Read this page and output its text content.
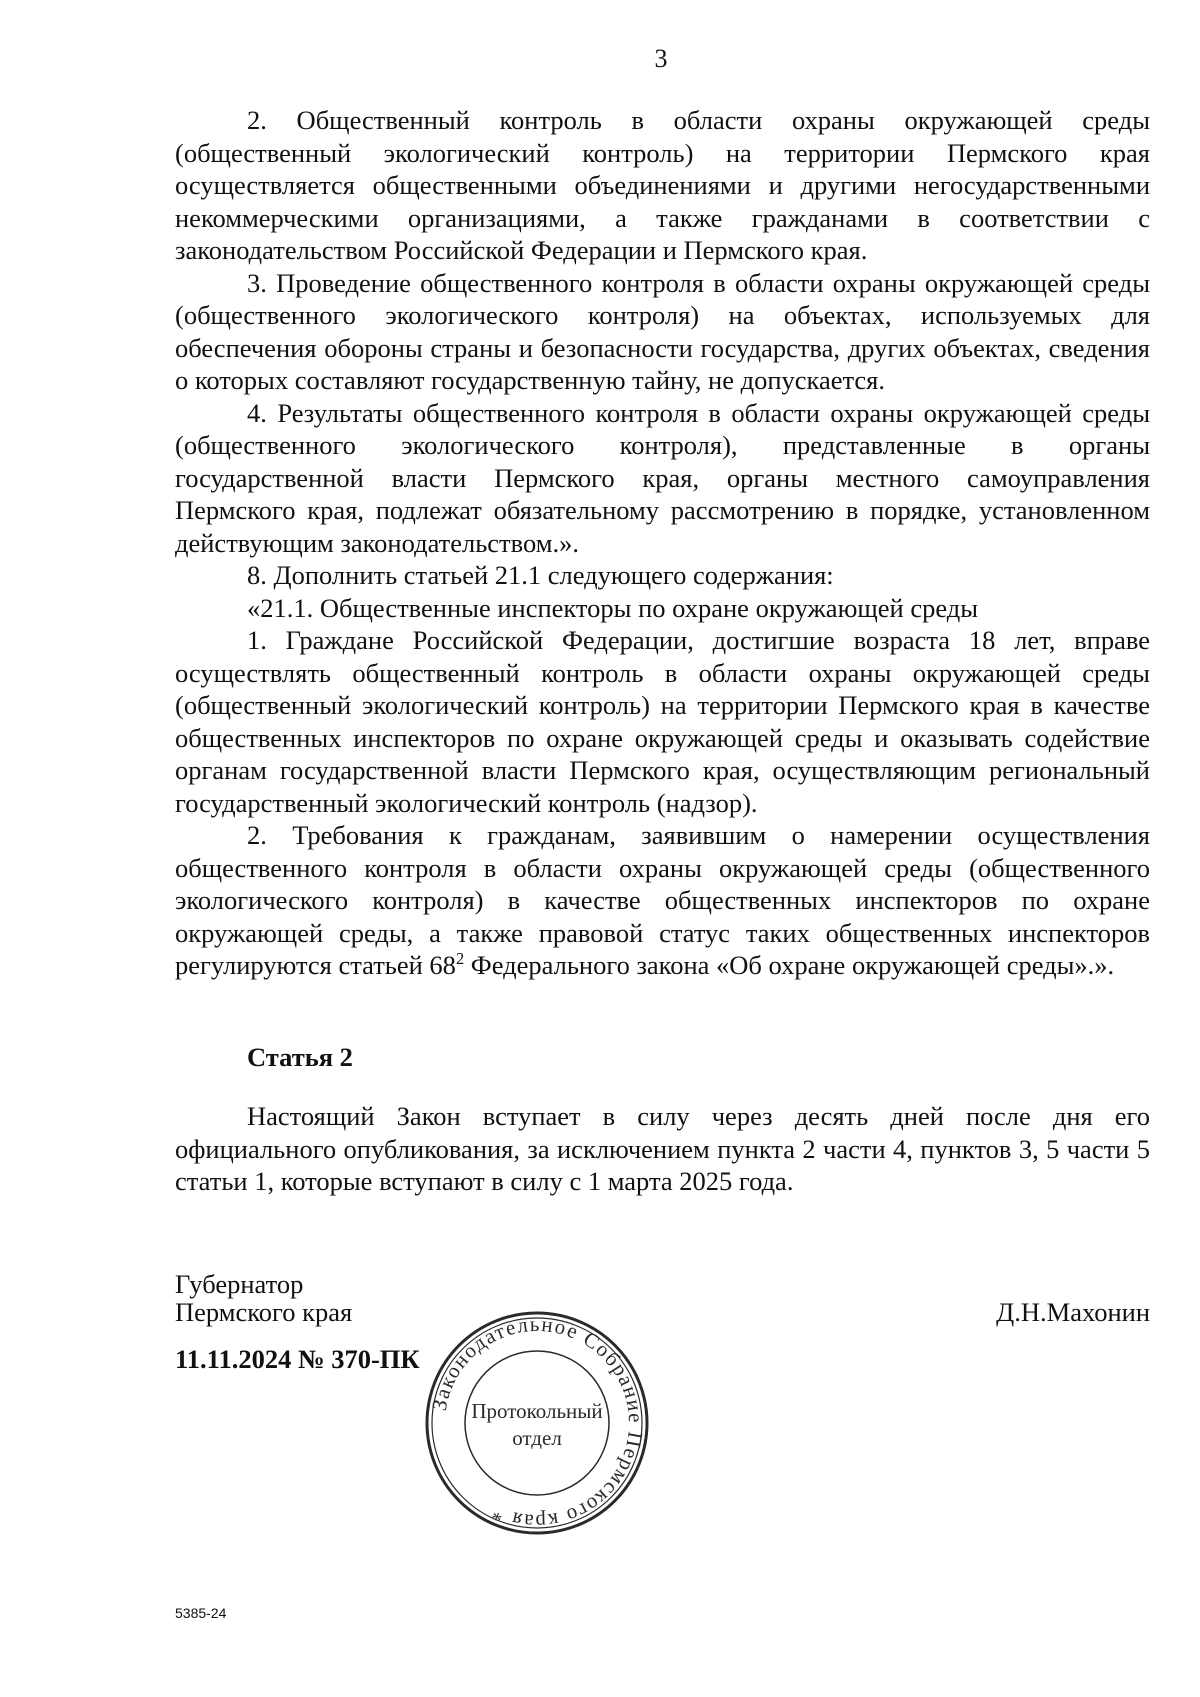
3

2. Общественный контроль в области охраны окружающей среды (общественный экологический контроль) на территории Пермского края осуществляется общественными объединениями и другими негосударственными некоммерческими организациями, а также гражданами в соответствии с законодательством Российской Федерации и Пермского края.

3. Проведение общественного контроля в области охраны окружающей среды (общественного экологического контроля) на объектах, используемых для обеспечения обороны страны и безопасности государства, других объектах, сведения о которых составляют государственную тайну, не допускается.

4. Результаты общественного контроля в области охраны окружающей среды (общественного экологического контроля), представленные в органы государственной власти Пермского края, органы местного самоуправления Пермского края, подлежат обязательному рассмотрению в порядке, установленном действующим законодательством.».

8. Дополнить статьей 21.1 следующего содержания:

«21.1. Общественные инспекторы по охране окружающей среды

1. Граждане Российской Федерации, достигшие возраста 18 лет, вправе осуществлять общественный контроль в области охраны окружающей среды (общественный экологический контроль) на территории Пермского края в качестве общественных инспекторов по охране окружающей среды и оказывать содействие органам государственной власти Пермского края, осуществляющим региональный государственный экологический контроль (надзор).

2. Требования к гражданам, заявившим о намерении осуществления общественного контроля в области охраны окружающей среды (общественного экологического контроля) в качестве общественных инспекторов по охране окружающей среды, а также правовой статус таких общественных инспекторов регулируются статьей $68^2$ Федерального закона «Об охране окружающей среды».».

Статья 2

Настоящий Закон вступает в силу через десять дней после дня его официального опубликования, за исключением пункта 2 части 4, пунктов 3, 5 части 5 статьи 1, которые вступают в силу с 1 марта 2025 года.

Губернатор
Пермского края	Д.Н.Махонин
11.11.2024 № 370-ПК
Законодательное Собрание Пермского края *
Протокольный
отдел
5385-24
